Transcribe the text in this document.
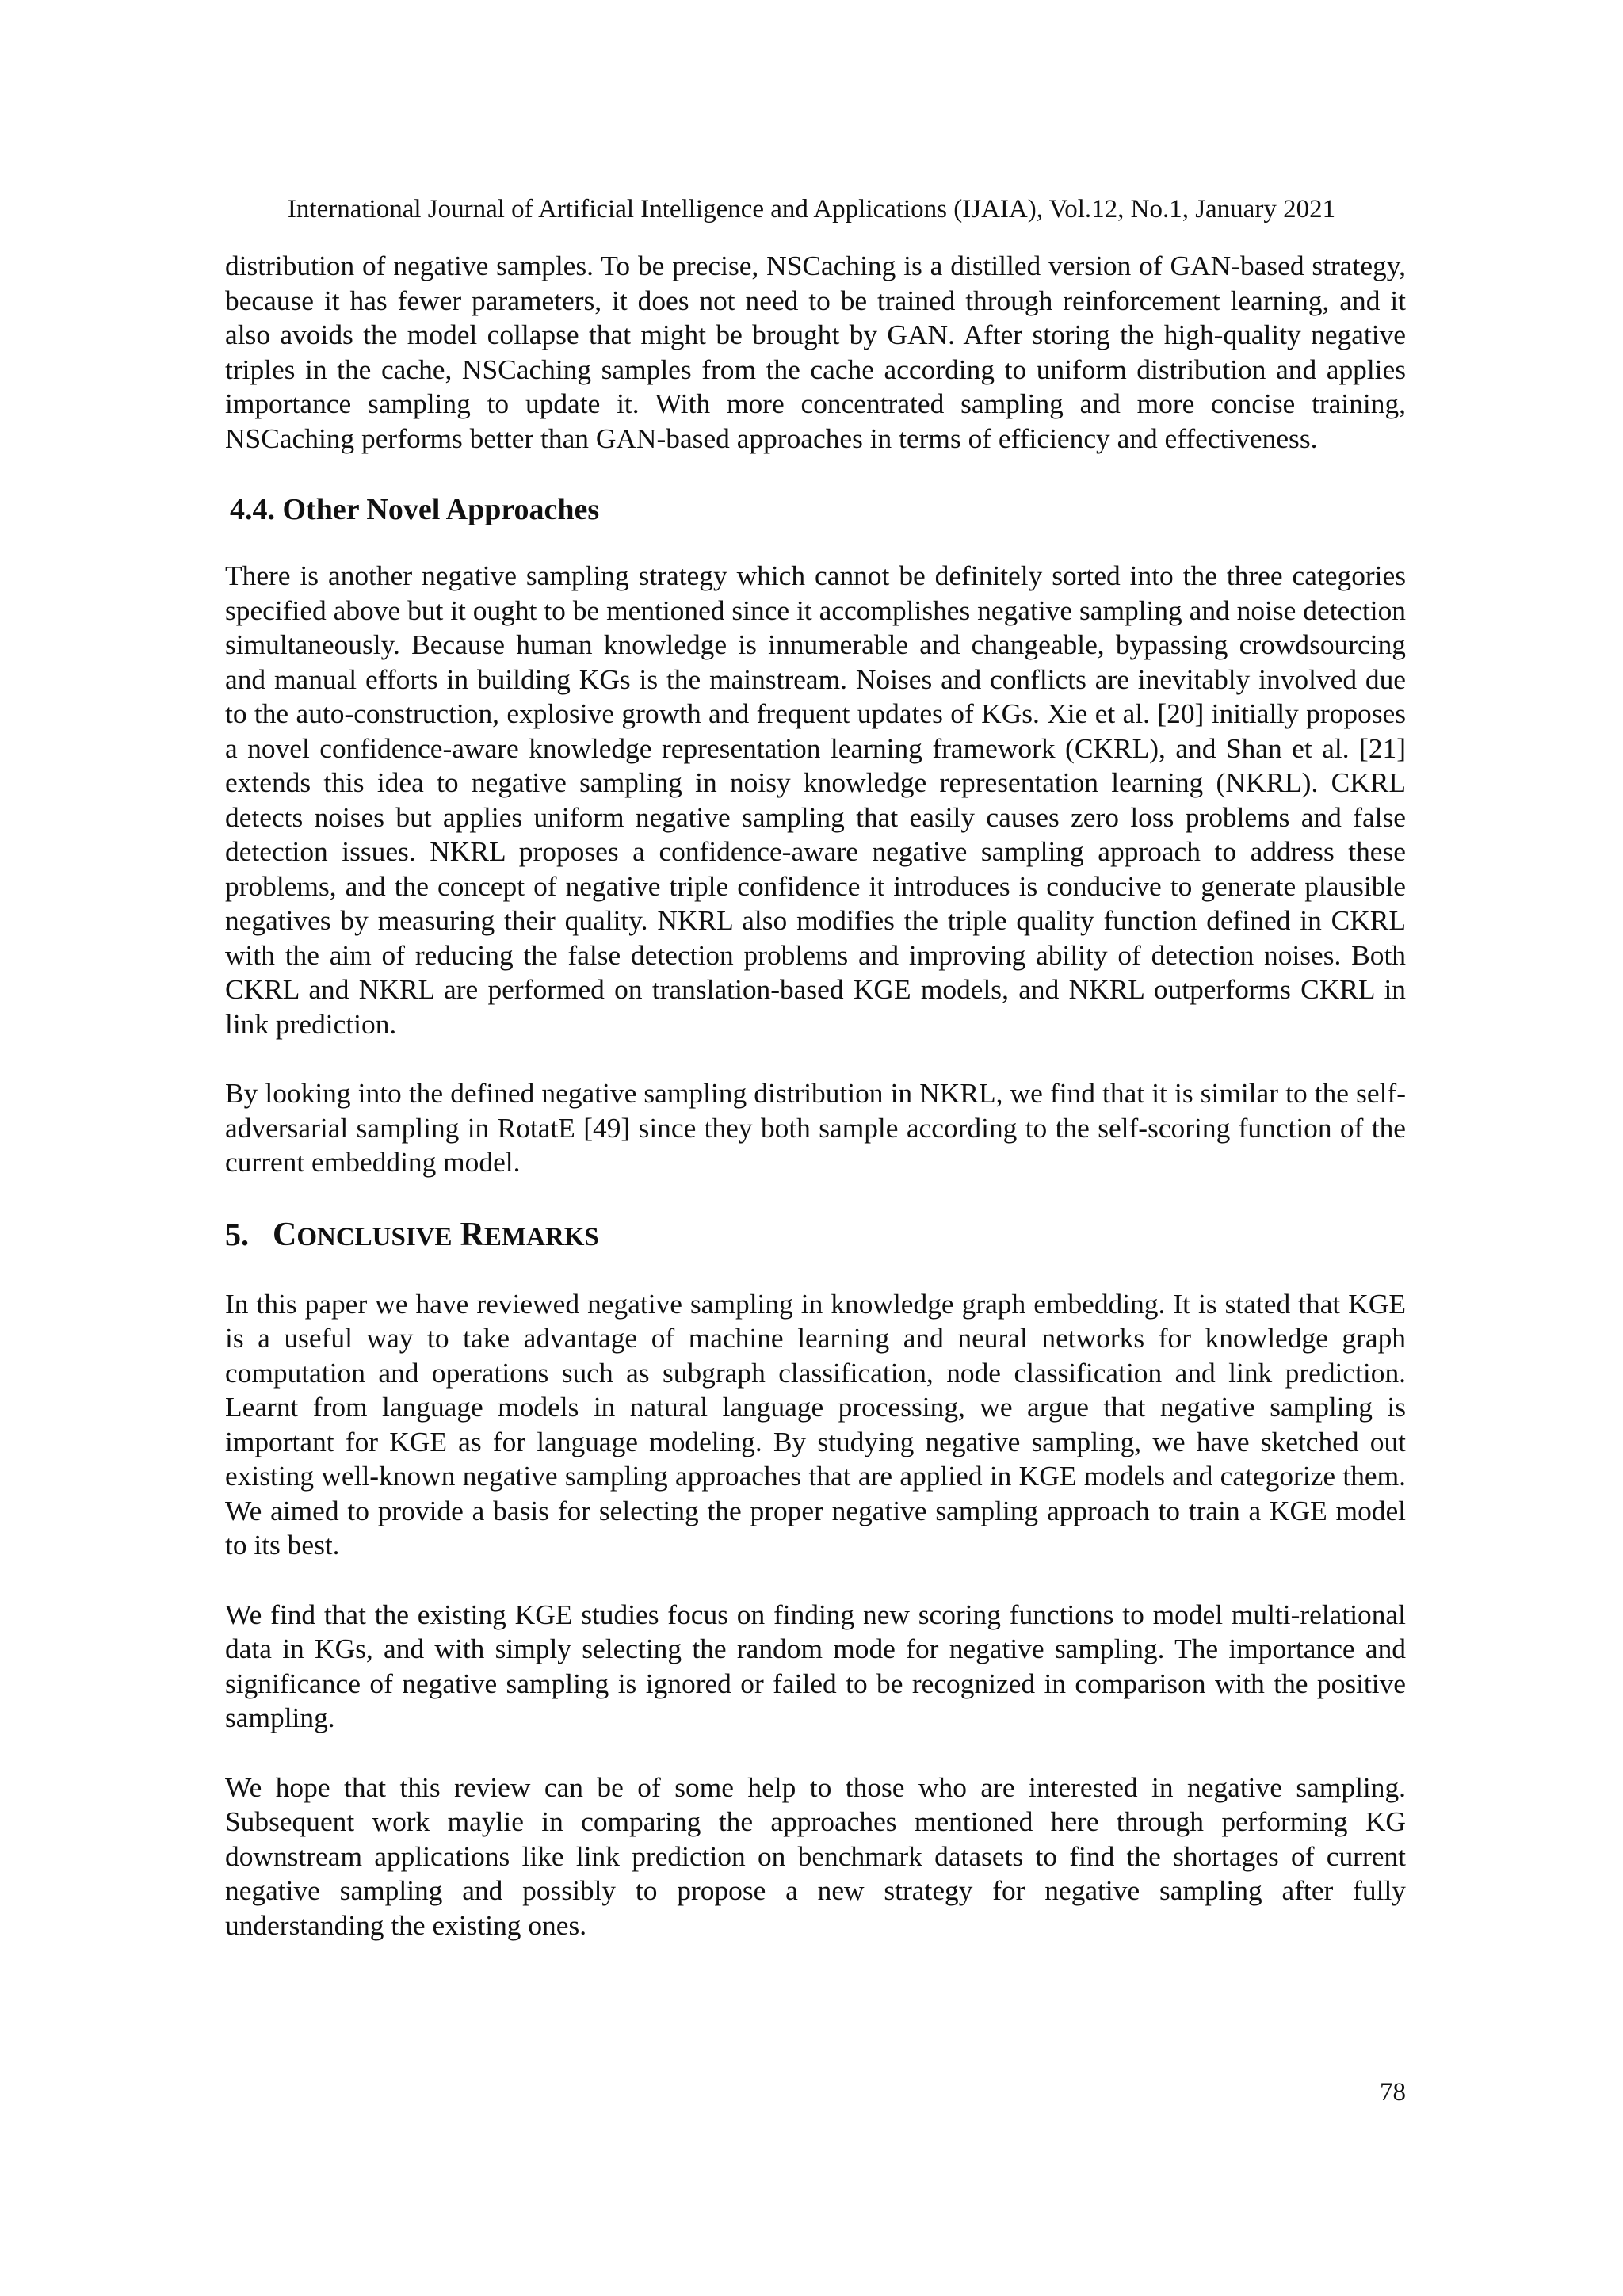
International Journal of Artificial Intelligence and Applications (IJAIA), Vol.12, No.1, January 2021

distribution of negative samples. To be precise, NSCaching is a distilled version of GAN-based strategy, because it has fewer parameters, it does not need to be trained through reinforcement learning, and it also avoids the model collapse that might be brought by GAN. After storing the high-quality negative triples in the cache, NSCaching samples from the cache according to uniform distribution and applies importance sampling to update it. With more concentrated sampling and more concise training, NSCaching performs better than GAN-based approaches in terms of efficiency and effectiveness.

4.4. Other Novel Approaches

There is another negative sampling strategy which cannot be definitely sorted into the three categories specified above but it ought to be mentioned since it accomplishes negative sampling and noise detection simultaneously. Because human knowledge is innumerable and changeable, bypassing crowdsourcing and manual efforts in building KGs is the mainstream. Noises and conflicts are inevitably involved due to the auto-construction, explosive growth and frequent updates of KGs. Xie et al. [20] initially proposes a novel confidence-aware knowledge representation learning framework (CKRL), and Shan et al. [21] extends this idea to negative sampling in noisy knowledge representation learning (NKRL). CKRL detects noises but applies uniform negative sampling that easily causes zero loss problems and false detection issues. NKRL proposes a confidence-aware negative sampling approach to address these problems, and the concept of negative triple confidence it introduces is conducive to generate plausible negatives by measuring their quality. NKRL also modifies the triple quality function defined in CKRL with the aim of reducing the false detection problems and improving ability of detection noises. Both CKRL and NKRL are performed on translation-based KGE models, and NKRL outperforms CKRL in link prediction.

By looking into the defined negative sampling distribution in NKRL, we find that it is similar to the self-adversarial sampling in RotatE [49] since they both sample according to the self-scoring function of the current embedding model.

5. CONCLUSIVE REMARKS

In this paper we have reviewed negative sampling in knowledge graph embedding. It is stated that KGE is a useful way to take advantage of machine learning and neural networks for knowledge graph computation and operations such as subgraph classification, node classification and link prediction. Learnt from language models in natural language processing, we argue that negative sampling is important for KGE as for language modeling. By studying negative sampling, we have sketched out existing well-known negative sampling approaches that are applied in KGE models and categorize them. We aimed to provide a basis for selecting the proper negative sampling approach to train a KGE model to its best.

We find that the existing KGE studies focus on finding new scoring functions to model multi-relational data in KGs, and with simply selecting the random mode for negative sampling. The importance and significance of negative sampling is ignored or failed to be recognized in comparison with the positive sampling.

We hope that this review can be of some help to those who are interested in negative sampling. Subsequent work maylie in comparing the approaches mentioned here through performing KG downstream applications like link prediction on benchmark datasets to find the shortages of current negative sampling and possibly to propose a new strategy for negative sampling after fully understanding the existing ones.

78
